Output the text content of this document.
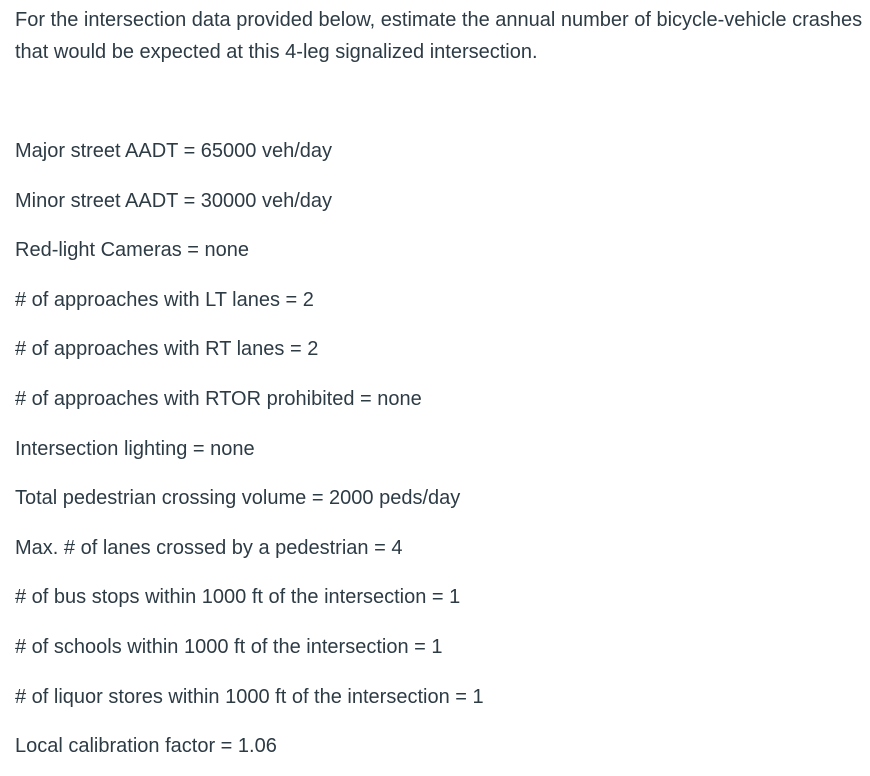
For the intersection data provided below, estimate the annual number of bicycle-vehicle crashes that would be expected at this 4-leg signalized intersection.

Major street AADT = 65000 veh/day
Minor street AADT = 30000 veh/day
Red-light Cameras = none
# of approaches with LT lanes = 2
# of approaches with RT lanes = 2
# of approaches with RTOR prohibited = none
Intersection lighting = none
Total pedestrian crossing volume = 2000 peds/day
Max. # of lanes crossed by a pedestrian = 4
# of bus stops within 1000 ft of the intersection = 1
# of schools within 1000 ft of the intersection = 1
# of liquor stores within 1000 ft of the intersection = 1
Local calibration factor = 1.06
